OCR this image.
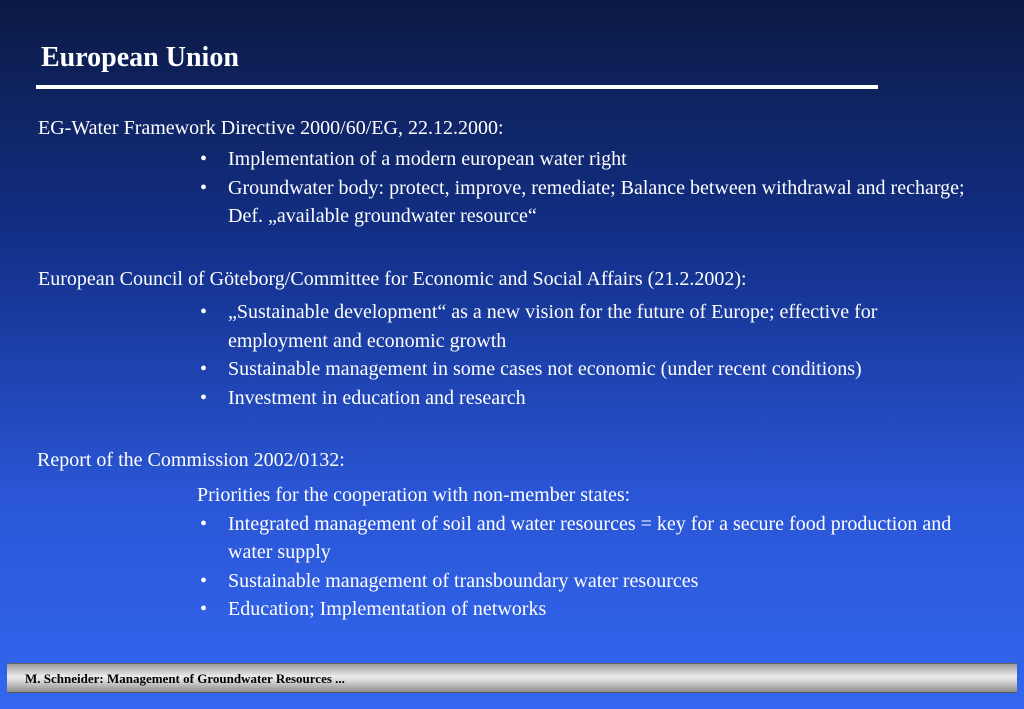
European Union
EG-Water Framework Directive 2000/60/EG, 22.12.2000:
• Implementation of a modern european water right
• Groundwater body: protect, improve, remediate; Balance between withdrawal and recharge; Def. „available groundwater resource“
European Council of Göteborg/Committee for Economic and Social Affairs (21.2.2002):
• „Sustainable development“ as a new vision for the future of Europe; effective for employment and economic growth
• Sustainable management in some cases not economic (under recent conditions)
• Investment in education and research
Report of the Commission 2002/0132:
Priorities for the cooperation with non-member states:
• Integrated management of soil and water resources = key for a secure food production and water supply
• Sustainable management of transboundary water resources
• Education; Implementation of networks
M. Schneider: Management of Groundwater Resources ...
